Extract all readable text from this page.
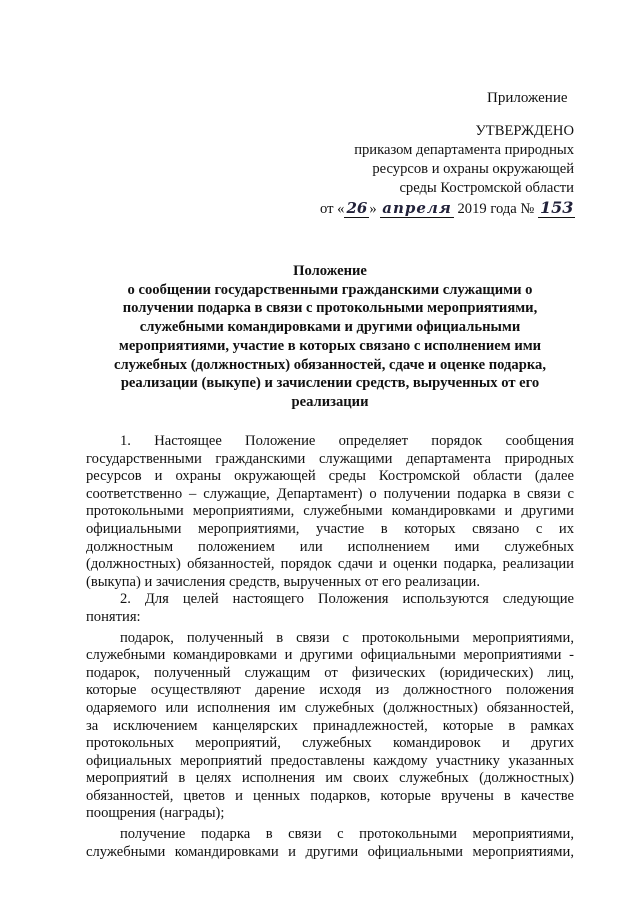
Приложение
УТВЕРЖДЕНО
приказом департамента природных
ресурсов и охраны окружающей
среды Костромской области
от « 26 » апреля 2019 года № 153
Положение
о сообщении государственными гражданскими служащими о
получении подарка в связи с протокольными мероприятиями,
служебными командировками и другими официальными
мероприятиями, участие в которых связано с исполнением ими
служебных (должностных) обязанностей, сдаче и оценке подарка,
реализации (выкупе) и зачислении средств, вырученных от его
реализации
1. Настоящее Положение определяет порядок сообщения
государственными гражданскими служащими департамента природных
ресурсов и охраны окружающей среды Костромской области (далее
соответственно – служащие, Департамент) о получении подарка в связи с
протокольными мероприятиями, служебными командировками и другими
официальными мероприятиями, участие в которых связано с их
должностным положением или исполнением ими служебных
(должностных) обязанностей, порядок сдачи и оценки подарка, реализации
(выкупа) и зачисления средств, вырученных от его реализации.
2. Для целей настоящего Положения используются следующие
понятия:
подарок, полученный в связи с протокольными мероприятиями,
служебными командировками и другими официальными мероприятиями -
подарок, полученный служащим от физических (юридических) лиц,
которые осуществляют дарение исходя из должностного положения
одаряемого или исполнения им служебных (должностных) обязанностей,
за исключением канцелярских принадлежностей, которые в рамках
протокольных мероприятий, служебных командировок и других
официальных мероприятий предоставлены каждому участнику указанных
мероприятий в целях исполнения им своих служебных (должностных)
обязанностей, цветов и ценных подарков, которые вручены в качестве
поощрения (награды);
получение подарка в связи с протокольными мероприятиями,
служебными командировками и другими официальными мероприятиями,
